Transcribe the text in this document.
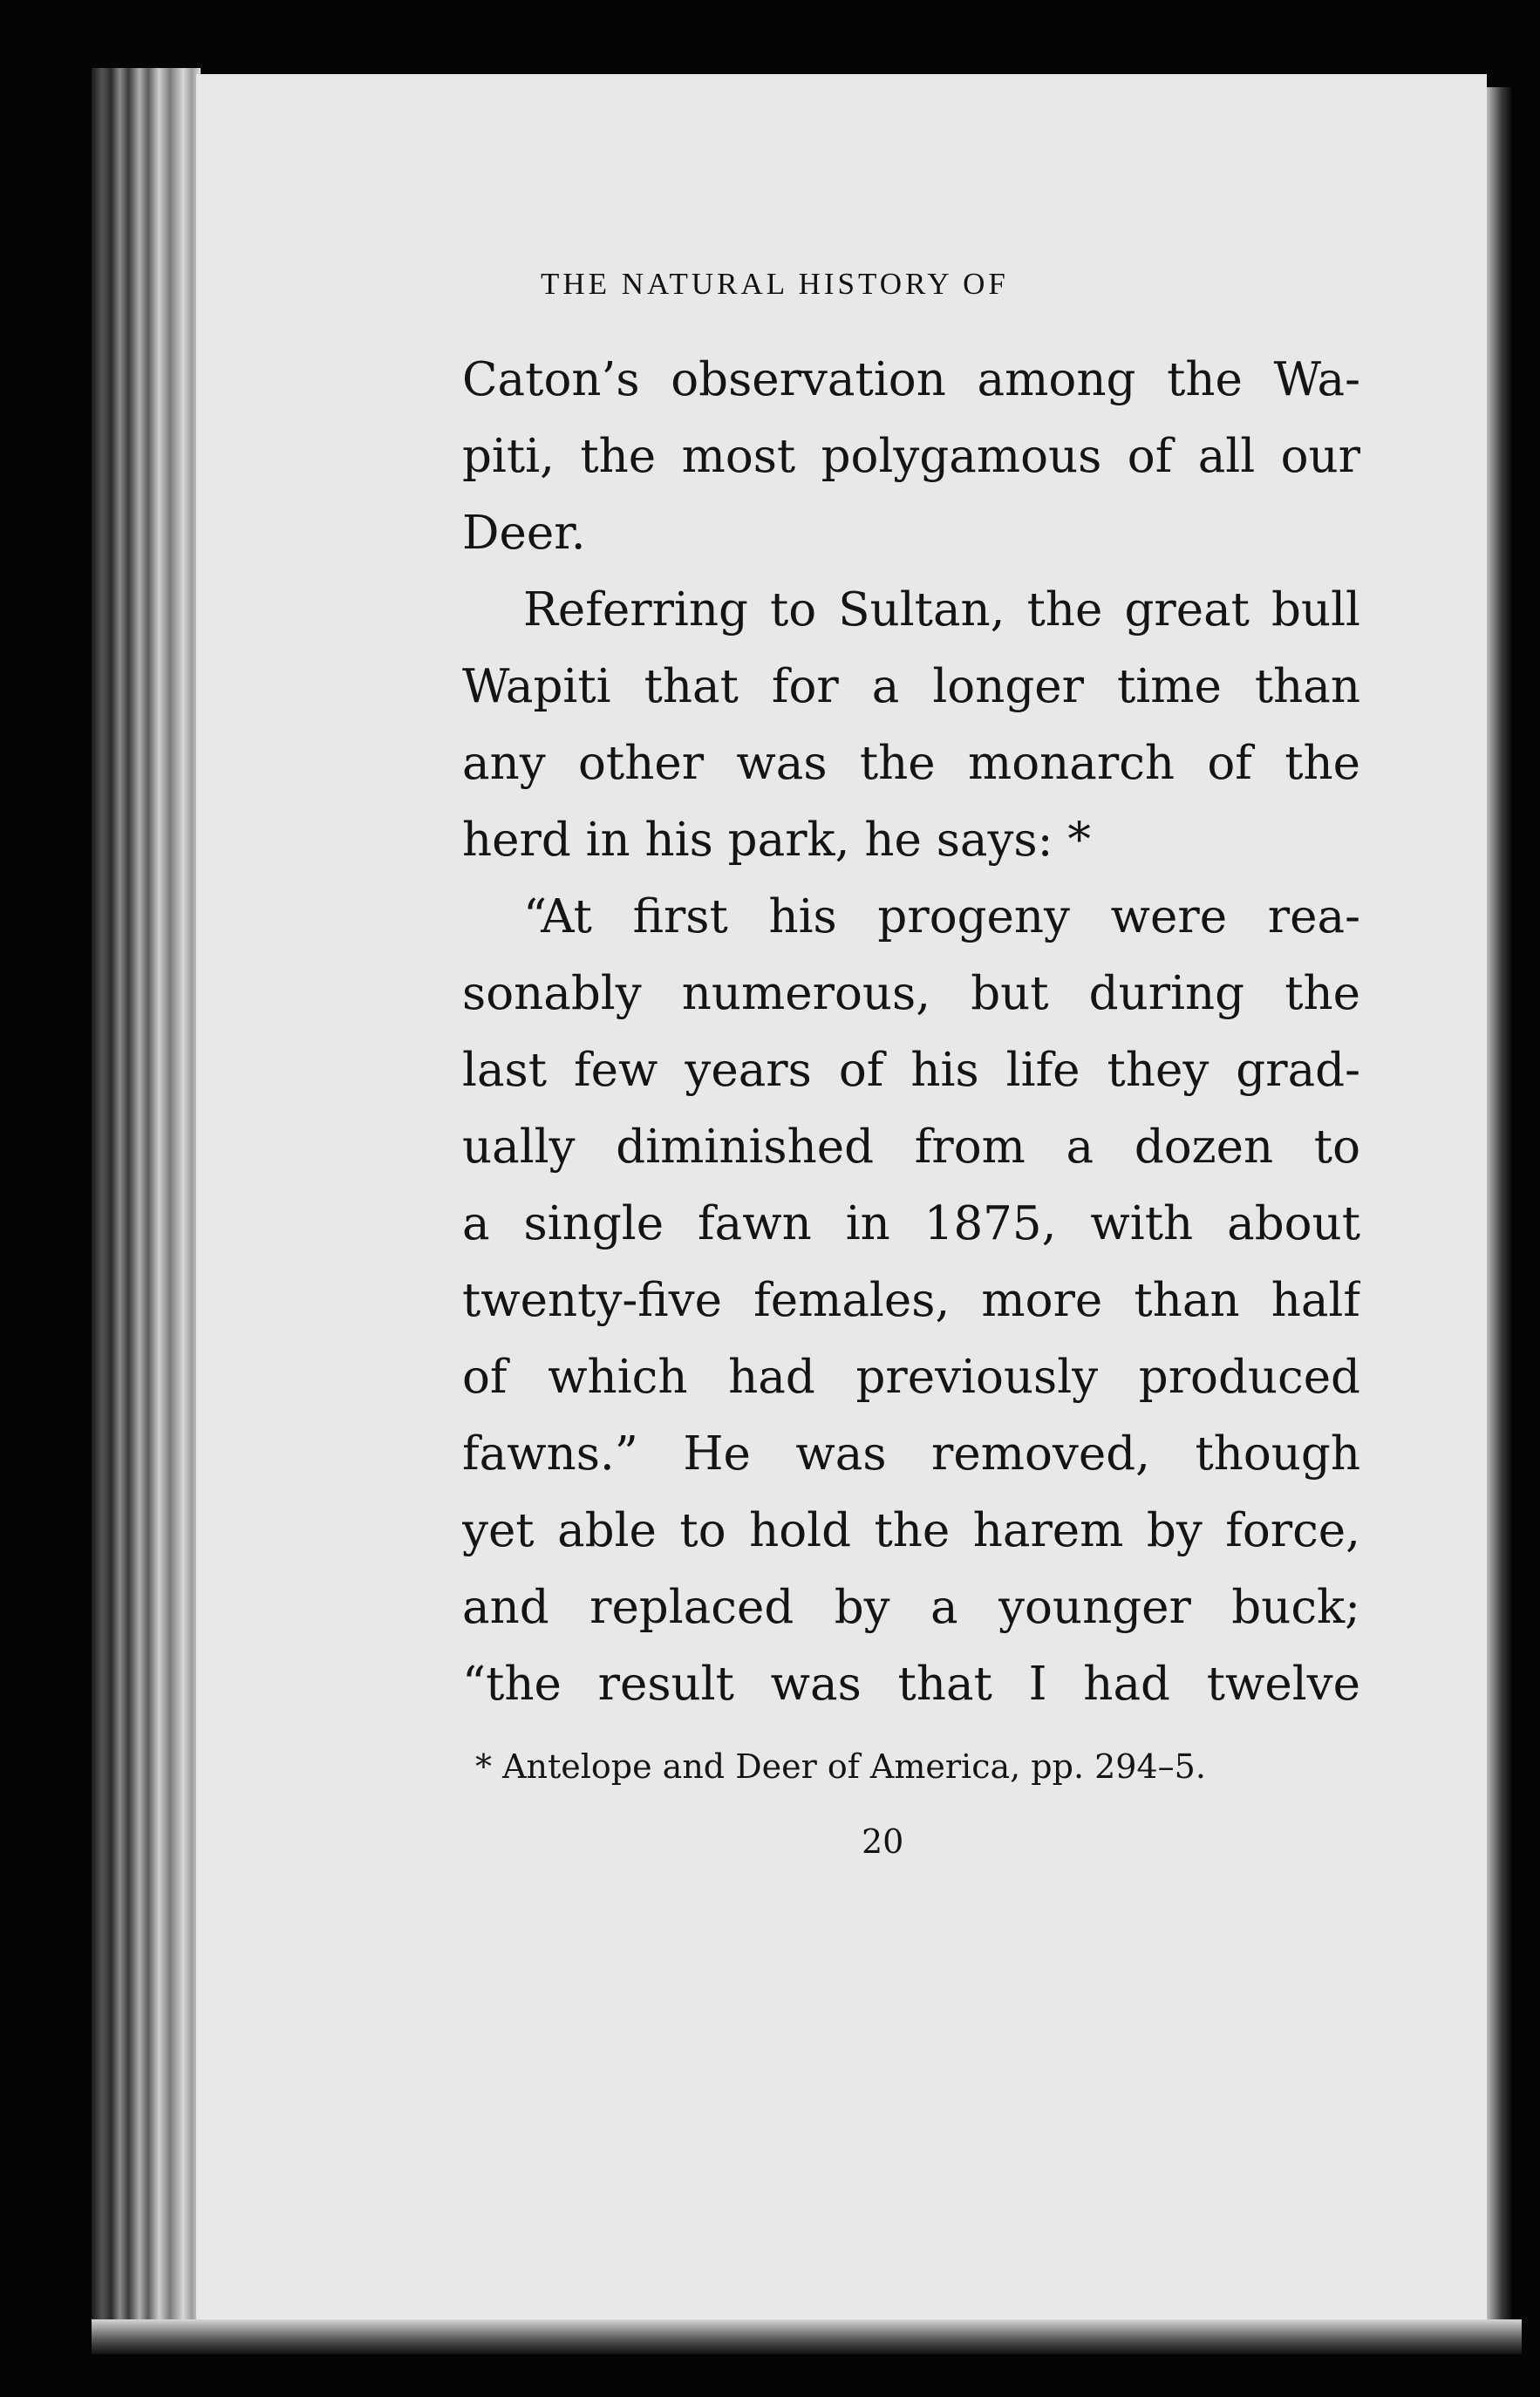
THE NATURAL HISTORY OF
Caton’s observation among the Wa-
piti, the most polygamous of all our
Deer.
Referring to Sultan, the great bull
Wapiti that for a longer time than
any other was the monarch of the
herd in his park, he says: *
“At first his progeny were rea-
sonably numerous, but during the
last few years of his life they grad-
ually diminished from a dozen to
a single fawn in 1875, with about
twenty-five females, more than half
of which had previously produced
fawns.” He was removed, though
yet able to hold the harem by force,
and replaced by a younger buck;
“the result was that I had twelve
* Antelope and Deer of America, pp. 294–5.
20
